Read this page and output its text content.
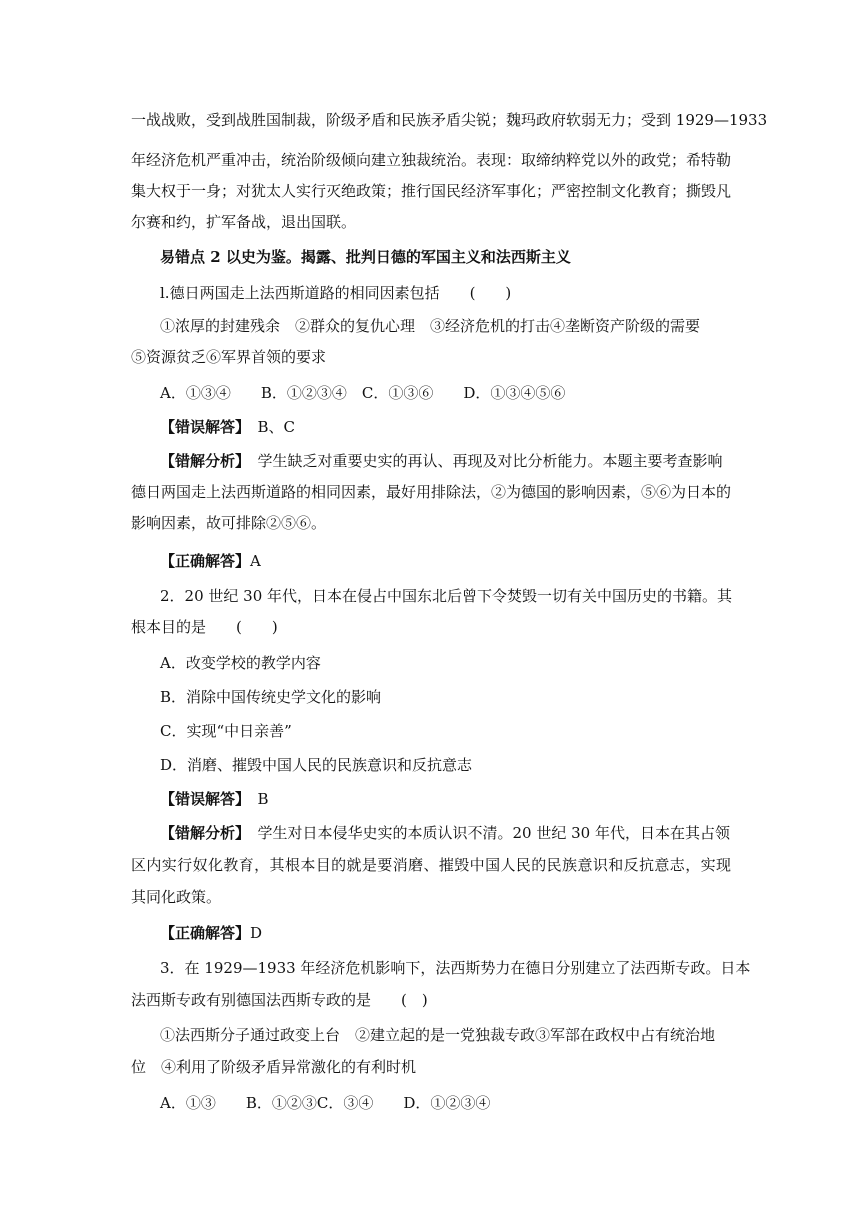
一战战败，受到战胜国制裁，阶级矛盾和民族矛盾尖锐；魏玛政府软弱无力；受到 1929—1933
年经济危机严重冲击，统治阶级倾向建立独裁统治。表现：取缔纳粹党以外的政党；希特勒
集大权于一身；对犹太人实行灭绝政策；推行国民经济军事化；严密控制文化教育；撕毁凡
尔赛和约，扩军备战，退出国联。
易错点 2 以史为鉴。揭露、批判日德的军国主义和法西斯主义
l.德日两国走上法西斯道路的相同因素包括　　(　　)
①浓厚的封建残余　②群众的复仇心理　③经济危机的打击④垄断资产阶级的需要
⑤资源贫乏⑥军界首领的要求
A．①③④　　B．①②③④　C．①③⑥　　D．①③④⑤⑥
【错误解答】　B、C
【错解分析】　学生缺乏对重要史实的再认、再现及对比分析能力。本题主要考查影响
德日两国走上法西斯道路的相同因素，最好用排除法，②为德国的影响因素，⑤⑥为日本的
影响因素，故可排除②⑤⑥。
【正确解答】A
2．20 世纪 30 年代，日本在侵占中国东北后曾下令焚毁一切有关中国历史的书籍。其
根本目的是　　(　　)
A．改变学校的教学内容
B．消除中国传统史学文化的影响
C．实现“中日亲善”
D．消磨、摧毁中国人民的民族意识和反抗意志
【错误解答】　B
【错解分析】　学生对日本侵华史实的本质认识不清。20 世纪 30 年代，日本在其占领
区内实行奴化教育，其根本目的就是要消磨、摧毁中国人民的民族意识和反抗意志，实现
其同化政策。
【正确解答】D
3．在 1929—1933 年经济危机影响下，法西斯势力在德日分别建立了法西斯专政。日本
法西斯专政有别德国法西斯专政的是　　(　)
①法西斯分子通过政变上台　②建立起的是一党独裁专政③军部在政权中占有统治地
位　④利用了阶级矛盾异常激化的有利时机
A．①③　　B．①②③C．③④　　D．①②③④
